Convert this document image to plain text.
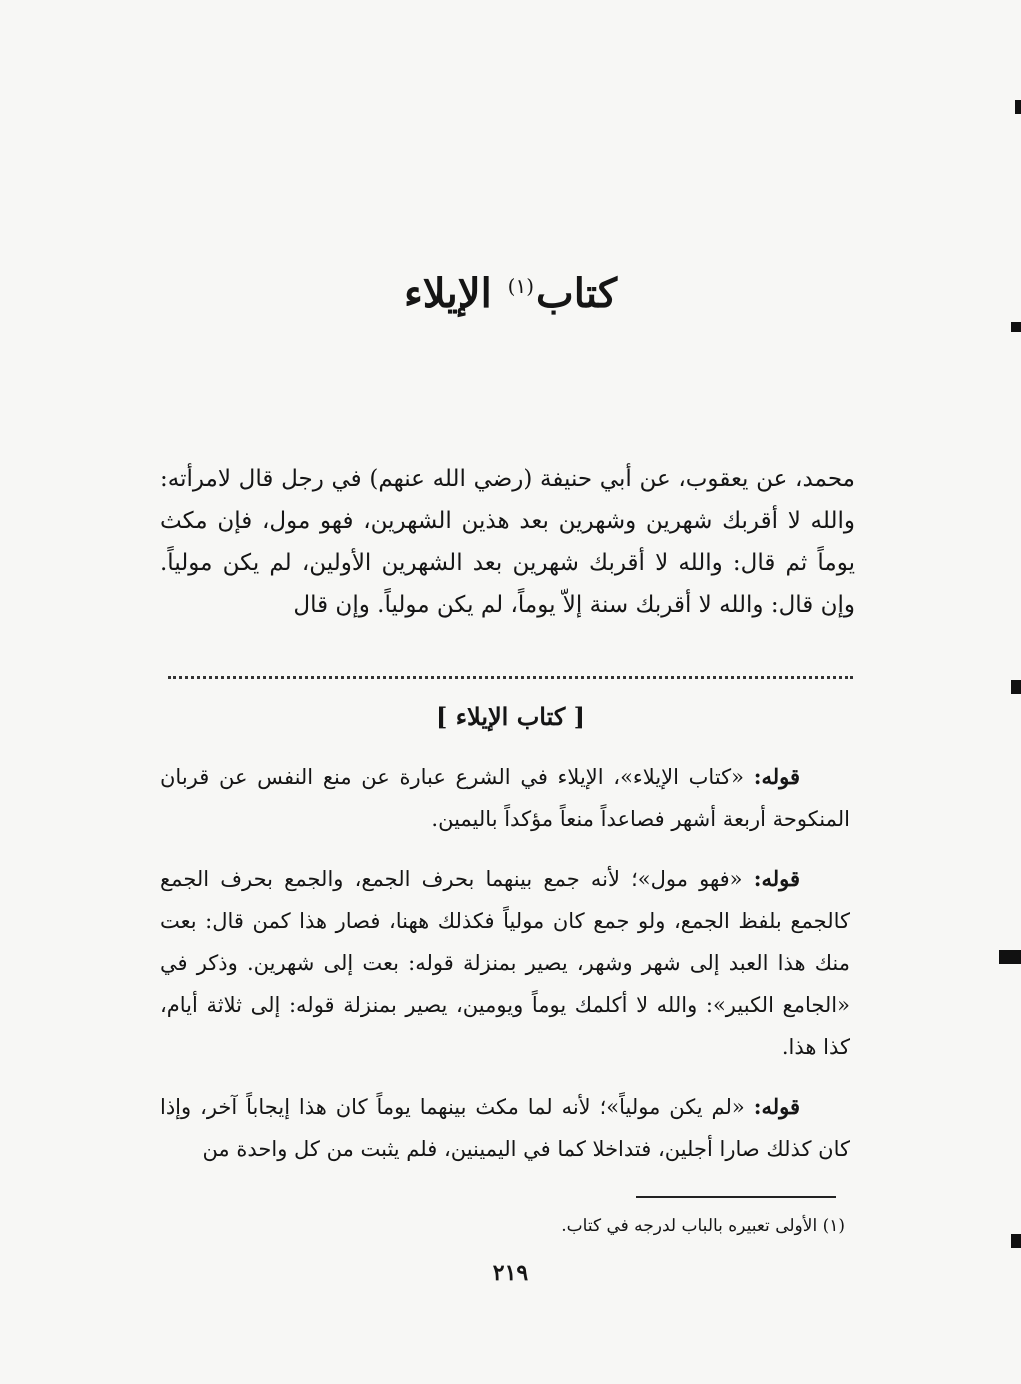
كتاب$^{(١)}$ الإيلاء

محمد، عن يعقوب، عن أبي حنيفة (رضي الله عنهم) في رجل قال لامرأته: والله لا أقربك شهرين وشهرين بعد هذين الشهرين، فهو مول، فإن مكث يوماً ثم قال: والله لا أقربك شهرين بعد الشهرين الأولين، لم يكن مولياً. وإن قال: والله لا أقربك سنة إلاّ يوماً، لم يكن مولياً. وإن قال

[ كتاب الإيلاء ]

قوله: «كتاب الإيلاء»، الإيلاء في الشرع عبارة عن منع النفس عن قربان المنكوحة أربعة أشهر فصاعداً منعاً مؤكداً باليمين.

قوله: «فهو مول»؛ لأنه جمع بينهما بحرف الجمع، والجمع بحرف الجمع كالجمع بلفظ الجمع، ولو جمع كان مولياً فكذلك ههنا، فصار هذا كمن قال: بعت منك هذا العبد إلى شهر وشهر، يصير بمنزلة قوله: بعت إلى شهرين. وذكر في «الجامع الكبير»: والله لا أكلمك يوماً ويومين، يصير بمنزلة قوله: إلى ثلاثة أيام، كذا هذا.

قوله: «لم يكن مولياً»؛ لأنه لما مكث بينهما يوماً كان هذا إيجاباً آخر، وإذا كان كذلك صارا أجلين، فتداخلا كما في اليمينين، فلم يثبت من كل واحدة من

(١) الأولى تعبيره بالباب لدرجه في كتاب.

٢١٩
